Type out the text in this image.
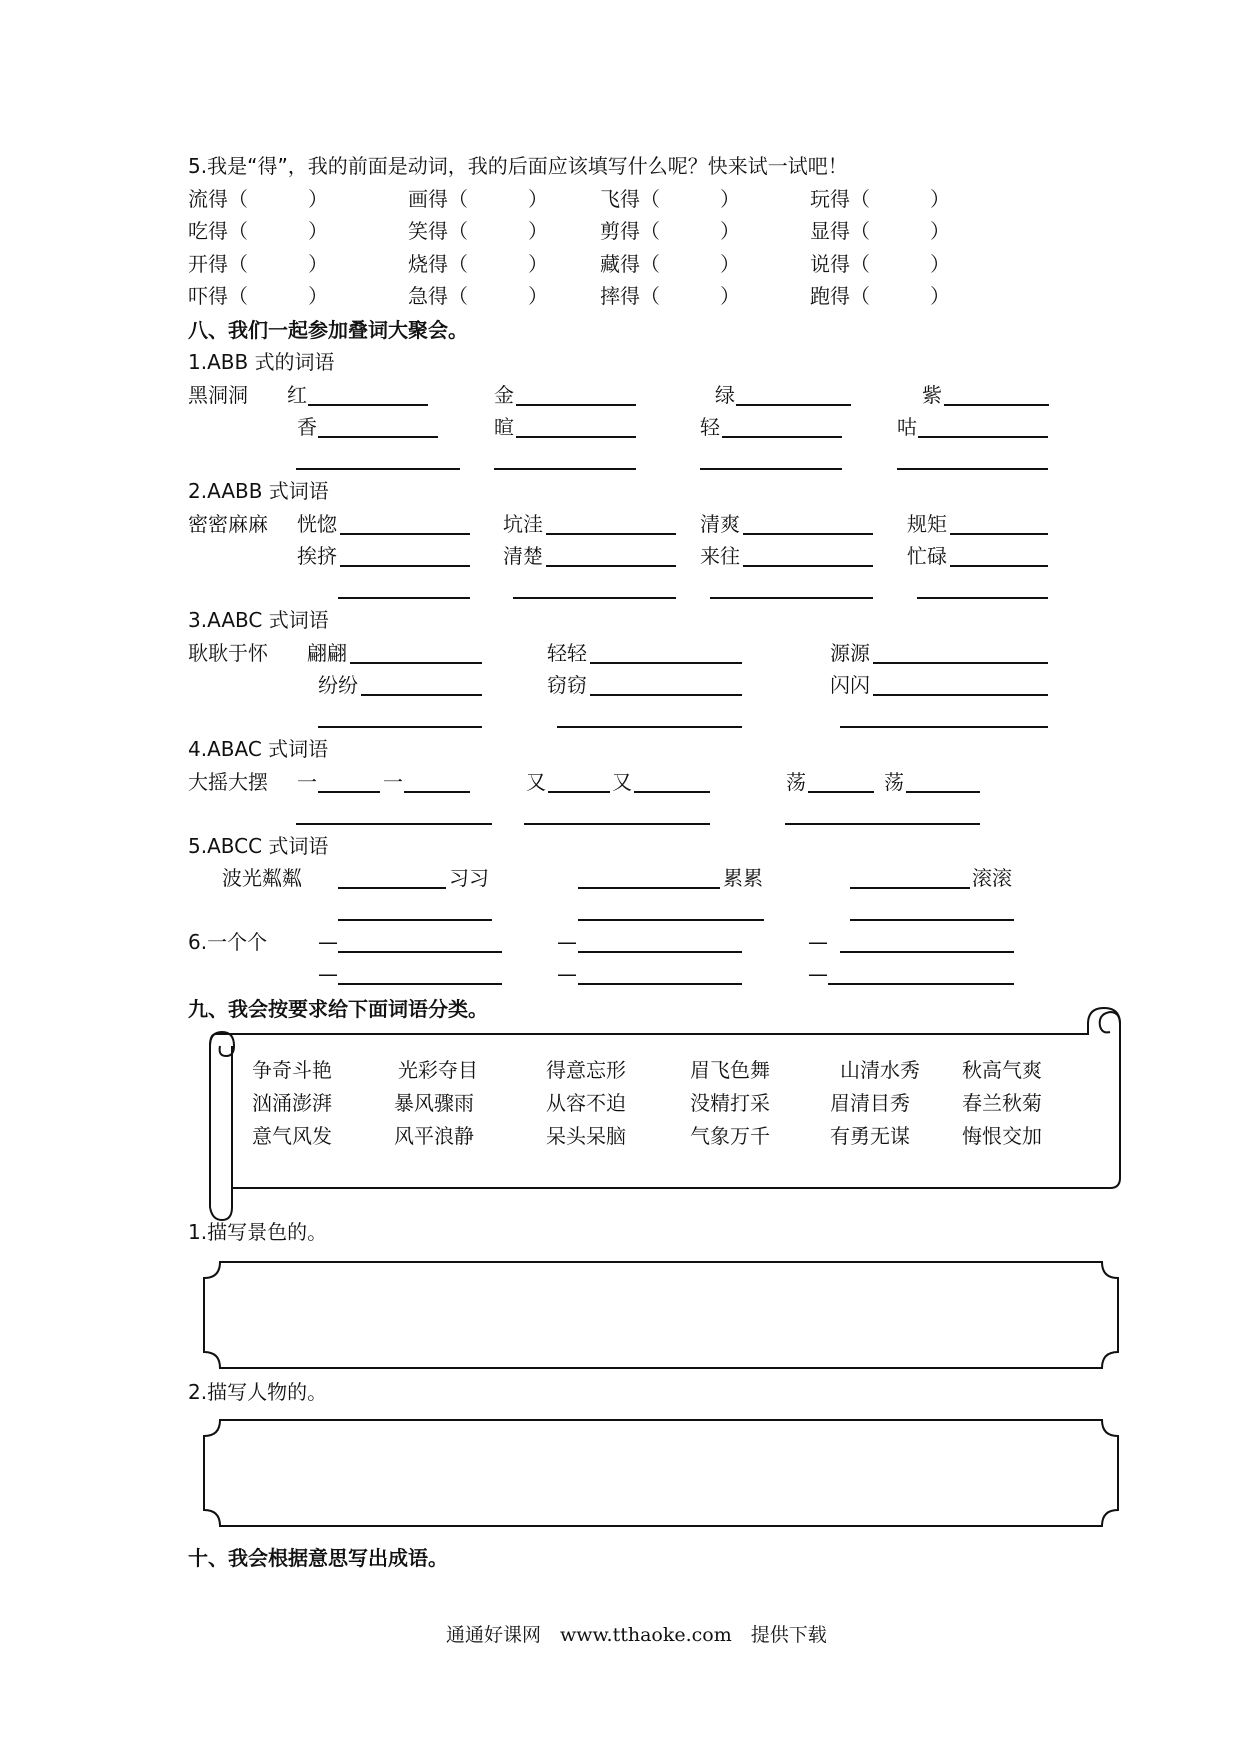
5.我是“得”，我的前面是动词，我的后面应该填写什么呢？快来试一试吧！
流得（　　　）	画得（　　　）	飞得（　　　）	玩得（　　　）
吃得（　　　）	笑得（　　　）	剪得（　　　）	显得（　　　）
开得（　　　）	烧得（　　　）	藏得（　　　）	说得（　　　）
吓得（　　　）	急得（　　　）	摔得（　　　）	跑得（　　　）
八、我们一起参加叠词大聚会。
1.ABB 式的词语
黑洞洞 红	金	绿	紫
香	暄	轻	咕
2.AABB 式词语
密密麻麻 恍惚	坑洼	清爽	规矩
挨挤	清楚	来往	忙碌
3.AABC 式词语
耿耿于怀 翩翩	轻轻	源源
纷纷	窃窃	闪闪
4.ABAC 式词语
大摇大摆 一	一	又	又	荡	荡
5.ABCC 式词语
波光粼粼	习习	累累	滚滚
6.一个个	—	—	—
—	—	—
九、我会按要求给下面词语分类。
争奇斗艳	光彩夺目	得意忘形	眉飞色舞	山清水秀 秋高气爽
汹涌澎湃	暴风骤雨	从容不迫	没精打采	眉清目秀	春兰秋菊
意气风发	风平浪静	呆头呆脑	气象万千	有勇无谋	悔恨交加
1.描写景色的。
2.描写人物的。
十、我会根据意思写出成语。
通通好课网　www.tthaoke.com　提供下载
